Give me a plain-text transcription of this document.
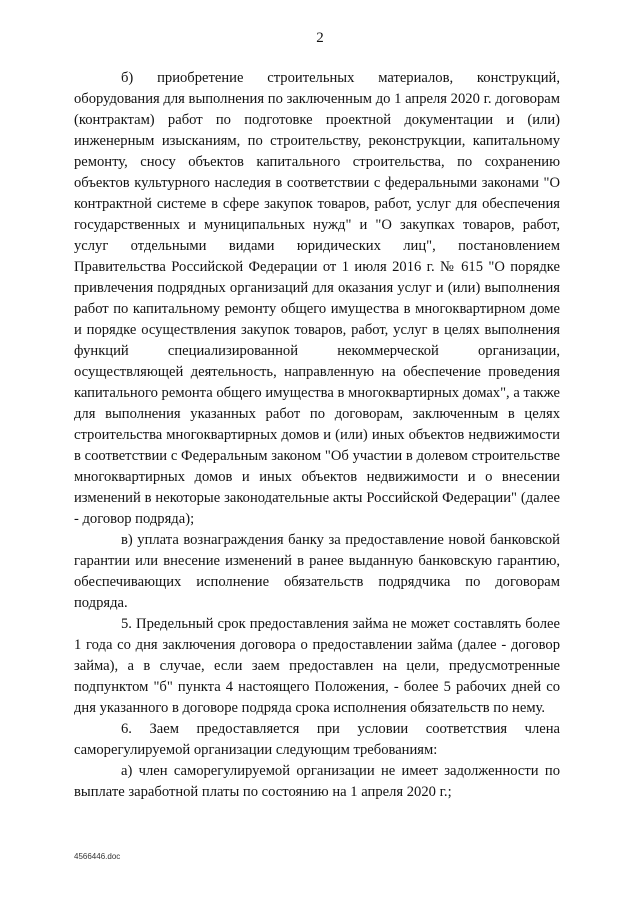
2

б) приобретение строительных материалов, конструкций, оборудования для выполнения по заключенным до 1 апреля 2020 г. договорам (контрактам) работ по подготовке проектной документации и (или) инженерным изысканиям, по строительству, реконструкции, капитальному ремонту, сносу объектов капитального строительства, по сохранению объектов культурного наследия в соответствии с федеральными законами "О контрактной системе в сфере закупок товаров, работ, услуг для обеспечения государственных и муниципальных нужд" и "О закупках товаров, работ, услуг отдельными видами юридических лиц", постановлением Правительства Российской Федерации от 1 июля 2016 г. № 615 "О порядке привлечения подрядных организаций для оказания услуг и (или) выполнения работ по капитальному ремонту общего имущества в многоквартирном доме и порядке осуществления закупок товаров, работ, услуг в целях выполнения функций специализированной некоммерческой организации, осуществляющей деятельность, направленную на обеспечение проведения капитального ремонта общего имущества в многоквартирных домах", а также для выполнения указанных работ по договорам, заключенным в целях строительства многоквартирных домов и (или) иных объектов недвижимости в соответствии с Федеральным законом "Об участии в долевом строительстве многоквартирных домов и иных объектов недвижимости и о внесении изменений в некоторые законодательные акты Российской Федерации" (далее - договор подряда);

в) уплата вознаграждения банку за предоставление новой банковской гарантии или внесение изменений в ранее выданную банковскую гарантию, обеспечивающих исполнение обязательств подрядчика по договорам подряда.

5. Предельный срок предоставления займа не может составлять более 1 года со дня заключения договора о предоставлении займа (далее - договор займа), а в случае, если заем предоставлен на цели, предусмотренные подпунктом "б" пункта 4 настоящего Положения, - более 5 рабочих дней со дня указанного в договоре подряда срока исполнения обязательств по нему.

6. Заем предоставляется при условии соответствия члена саморегулируемой организации следующим требованиям:

а) член саморегулируемой организации не имеет задолженности по выплате заработной платы по состоянию на 1 апреля 2020 г.;

4566446.doc
